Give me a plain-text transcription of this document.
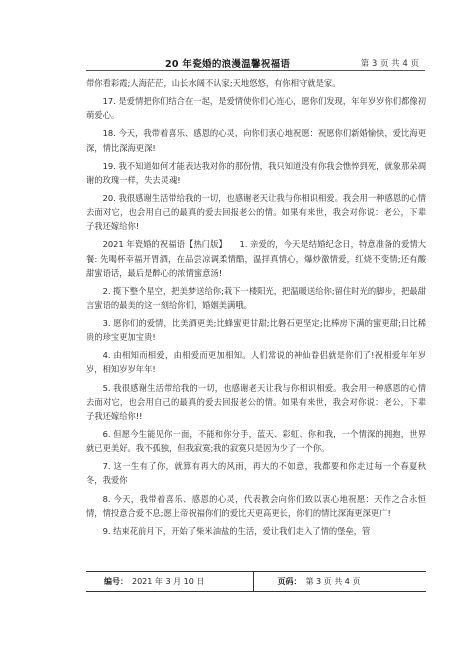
20 年瓷婚的浪漫温馨祝福语	第 3 页 共 4 页

带你看彩霞;人海茫茫，山长水阔不认家;天地悠悠，有你相守就是家。

17. 是爱情把你们结合在一起，是爱情使你们心连心，愿你们发现，年年岁岁你们都像初萌爱心。

18. 今天，我带着喜乐、感恩的心灵，向你们衷心地祝愿：祝愿你们新婚愉快，爱比海更深，情比深海更深!

19. 我不知道如何才能表达我对你的那份情，我只知道没有你我会憔悴到死，就象那朵凋谢的玫瑰一样，失去灵魂!

20. 我很感谢生活带给我的一切，也感谢老天让我与你相识相爱。我会用一种感恩的心情去面对它，也会用自己的最真的爱去回报老公的情。如果有来世，我会对你说：老公，下辈子我还嫁给你!

2021 年瓷婚的祝福语【热门版】　　1. 亲爱的，今天是结婚纪念日，特意准备的爱情大餐: 先喝杯幸福开胃酒，在品尝凉调柔情酷，温拌真情心，爆炒激情爱，红烧不变情;还有酸甜蜜语话，最后是醉心的浓情蜜意汤!

2. 揽下整个星空，把美梦送给你;栽下一楼阳光，把温暖送给你;留住时光的脚步，把最甜言蜜语的最美的这一刻给你们，婚姻美满哦。

3. 愿你们的爱情，比美酒更美;比蜂蜜更甘甜;比磐石更坚定;比棒房下满的蜜更甜;日比稀贵的珍宝更加宝贵!

4. 由相知而相爱，由相爱而更加相知。人们常说的神仙眷侣就是你们了!祝相爱年年岁岁，相知岁岁年年!

5. 我很感谢生活带给我的一切，也感谢老天让我与你相识相爱。我会用一种感恩的心情去面对它，也会用自己的最真的爱去回报老公的情。如果有来世，我会对你说：老公，下辈子我还嫁给你!!

6. 但愿今生能见你一面，不能和你分手，蓝天、彩虹、你和我，一个情深的拥抱，世界就已更美好。我不孤独，但我寂寞;我的寂寞只是因为少了一个你。

7. 这一生有了你，就算有再大的风雨，再大的不如意，我都要和你走过每一个春夏秋冬，我爱你

8. 今天，我带着喜乐、感恩的心灵，代表教会向你们致以衷心地祝愿：天作之合永恒情，情投意合爱不息;愿上帝祝福你们的爱比天更高更长，你们的情比深海更深更广!

9. 结束花前月下，开始了柴米油盐的生活，爱让我们走入了情的堡垒，管

编号： 2021 年 3 月 10 日	页码： 第 3 页 共 4 页
